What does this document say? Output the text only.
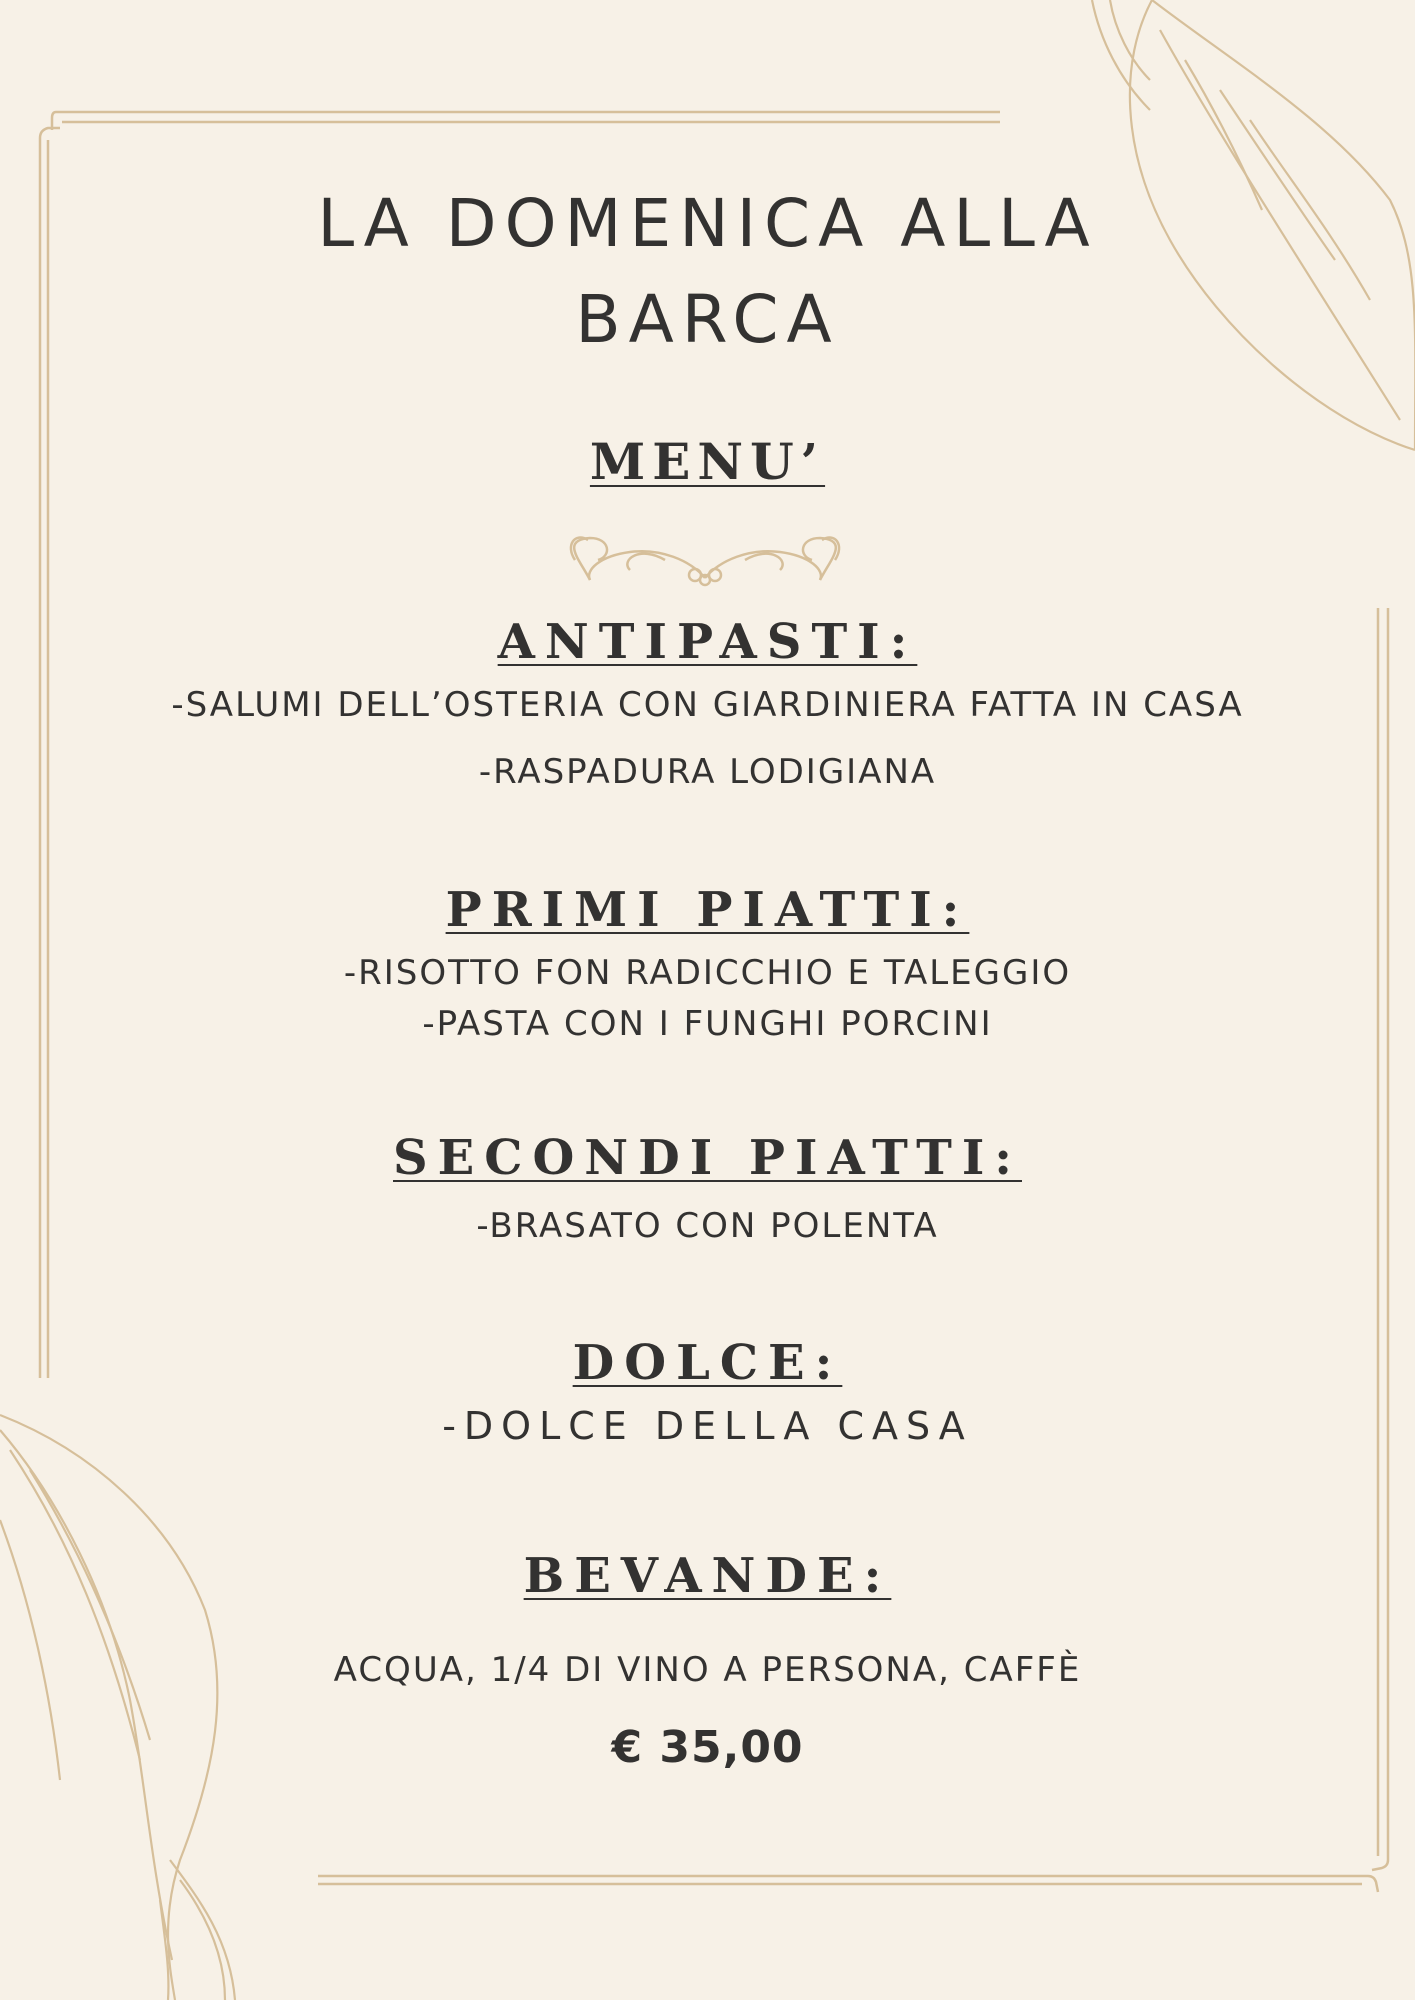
LA DOMENICA ALLA
BARCA
MENU’
ANTIPASTI:
-SALUMI DELL’OSTERIA CON GIARDINIERA FATTA IN CASA
-RASPADURA LODIGIANA
PRIMI PIATTI:
-RISOTTO FON RADICCHIO E TALEGGIO
-PASTA CON I FUNGHI PORCINI
SECONDI PIATTI:
-BRASATO CON POLENTA
DOLCE:
-DOLCE DELLA CASA
BEVANDE:
ACQUA, 1/4 DI VINO A PERSONA, CAFFÈ
€ 35,00
